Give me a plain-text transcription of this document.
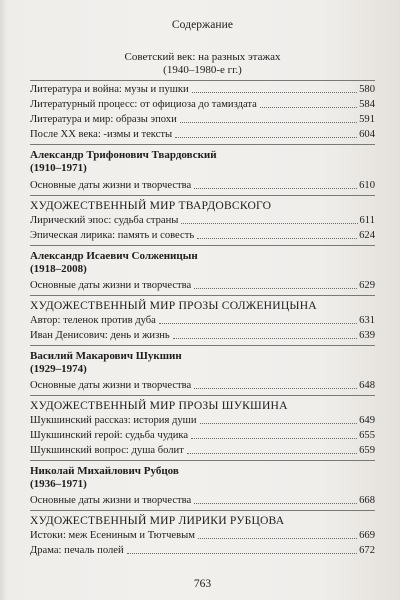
Содержание
Советский век: на разных этажах
(1940–1980-е гг.)
Литература и война: музы и пушки	580
Литературный процесс: от официоза до тамиздата	584
Литература и мир: образы эпохи	591
После XX века: -измы и тексты	604
Александр Трифонович Твардовский
(1910–1971)
Основные даты жизни и творчества	610
ХУДОЖЕСТВЕННЫЙ МИР ТВАРДОВСКОГО
Лирический эпос: судьба страны	611
Эпическая лирика: память и совесть	624
Александр Исаевич Солженицын
(1918–2008)
Основные даты жизни и творчества	629
ХУДОЖЕСТВЕННЫЙ МИР ПРОЗЫ СОЛЖЕНИЦЫНА
Автор: теленок против дуба	631
Иван Денисович: день и жизнь	639
Василий Макарович Шукшин
(1929–1974)
Основные даты жизни и творчества	648
ХУДОЖЕСТВЕННЫЙ МИР ПРОЗЫ ШУКШИНА
Шукшинский рассказ: история души	649
Шукшинский герой: судьба чудика	655
Шукшинский вопрос: душа болит	659
Николай Михайлович Рубцов
(1936–1971)
Основные даты жизни и творчества	668
ХУДОЖЕСТВЕННЫЙ МИР ЛИРИКИ РУБЦОВА
Истоки: меж Есениным и Тютчевым	669
Драма: печаль полей	672
763
